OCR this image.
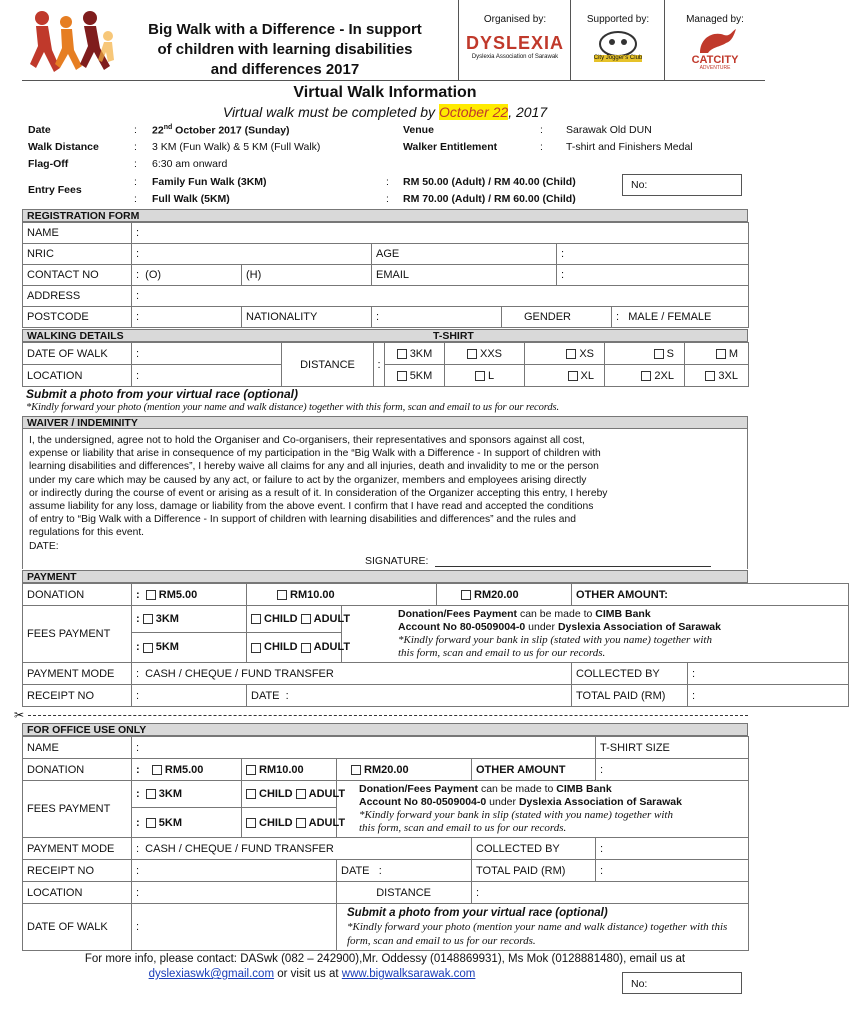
Big Walk with a Difference - In support
of children with learning disabilities
and differences 2017
Organised by:
DYSLEXIA
Dyslexia Association of Sarawak
Supported by:
City Jogger's Club
Managed by:
CATCITY
ADVENTURE
Virtual Walk Information
Virtual walk must be completed by October 22, 2017
Date	: 22nd October 2017 (Sunday)
Walk Distance	: 3 KM (Fun Walk) & 5 KM (Full Walk)
Flag-Off	: 6:30 am onward
Entry Fees
: Family Fun Walk (3KM)	: RM 50.00 (Adult) / RM 40.00 (Child)
: Full Walk (5KM)	: RM 70.00 (Adult) / RM 60.00 (Child)
Venue	: Sarawak Old DUN
Walker Entitlement	: T-shirt and Finishers Medal
No:
REGISTRATION FORM
NAME	:					
NRIC	:		AGE		:	
CONTACT NO	:  (O)	(H)	EMAIL		:	
ADDRESS	:					
POSTCODE	:	NATIONALITY	:	GENDER		:   MALE / FEMALE
WALKING DETAILS	T-SHIRT
DATE OF WALK	:	DISTANCE	:	3KM	XXS	XS	S	M
LOCATION	:			5KM	L	XL	2XL	3XL
Submit a photo from your virtual race (optional)
*Kindly forward your photo (mention your name and walk distance) together with this form, scan and email to us for our records.
WAIVER / INDEMINITY
I, the undersigned, agree not to hold the Organiser and Co-organisers, their representatives and sponsors against all cost,
expense or liability that arise in consequence of my participation in the “Big Walk with a Difference - In support of children with
learning disabilities and differences”, I hereby waive all claims for any and all injuries, death and invalidity to me or the person
under my care which may be caused by any act, or failure to act by the organizer, members and employees arising directly
or indirectly during the course of event or arising as a result of it. In consideration of the Organizer accepting this entry, I hereby
assume liability for any loss, damage or liability from the above event. I confirm that I have read and accepted the conditions
of entry to “Big Walk with a Difference - In support of children with learning disabilities and differences” and the rules and
regulations for this event.
DATE:
SIGNATURE:
PAYMENT
DONATION	:  RM5.00	RM10.00		RM20.00	OTHER AMOUNT:	
FEES PAYMENT	: 3KM	CHILD ADULT	Donation/Fees Payment can be made to CIMB Bank
Account No 80-0509004-0 under Dyslexia Association of Sarawak
*Kindly forward your bank in slip (stated with you name) together with
this form, scan and email to us for our records.			

	: 5KM	CHILD ADULT				
PAYMENT MODE	:  CASH / CHEQUE / FUND TRANSFER				COLLECTED BY	:
RECEIPT NO	:	DATE  :			TOTAL PAID (RM)	:
✂
FOR OFFICE USE ONLY
NAME	:				T-SHIRT SIZE
DONATION	:    RM5.00	RM10.00	RM20.00	OTHER AMOUNT	:
FEES PAYMENT	:  3KM	CHILD ADULT	Donation/Fees Payment can be made to CIMB Bank
Account No 80-0509004-0 under Dyslexia Association of Sarawak
*Kindly forward your bank in slip (stated with you name) together with
this form, scan and email to us for our records.		

	:  5KM	CHILD ADULT			
PAYMENT MODE	:  CASH / CHEQUE / FUND TRANSFER			COLLECTED BY	:
RECEIPT NO	:		DATE   :	TOTAL PAID (RM)	:
LOCATION	:		DISTANCE	:	
DATE OF WALK	:		Submit a photo from your virtual race (optional)
*Kindly forward your photo (mention your name and walk distance) together with this form, scan and email to us for our records.		
For more info, please contact: DASwk (082 – 242900),Mr. Oddessy (0148869931), Ms Mok (0128881480), email us at
dyslexiaswk@gmail.com or visit us at www.bigwalksarawak.com
No:
